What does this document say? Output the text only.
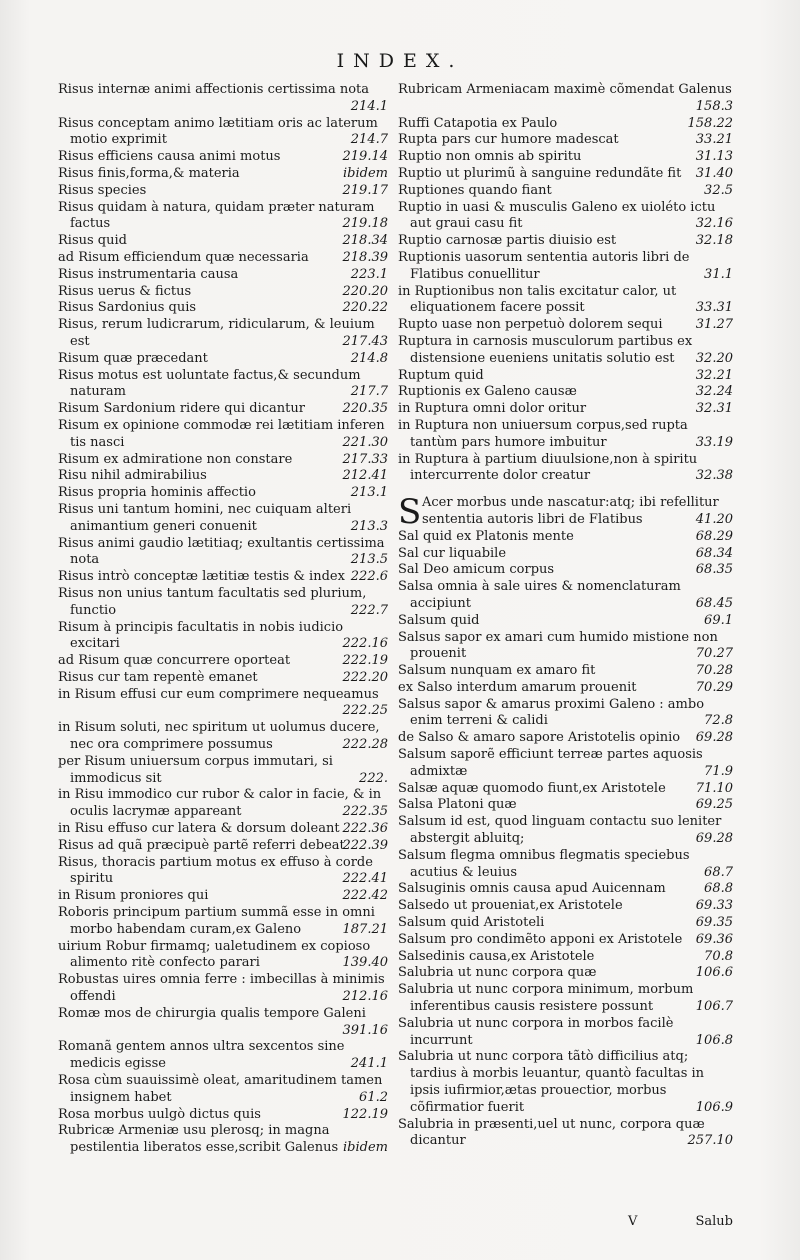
INDEX.
Risus internæ animi affectionis certissima nota
214.1
Risus conceptam animo lætitiam oris ac laterum motio exprimit	214.7
Risus efficiens causa animi motus	219.14
Risus finis,forma,& materia	ibidem
Risus species	219.17
Risus quidam à natura, quidam præter naturam factus	219.18
Risus quid	218.34
ad Risum efficiendum quæ necessaria	218.39
Risus instrumentaria causa	223.1
Risus uerus & fictus	220.20
Risus Sardonius quis	220.22
Risus, rerum ludicrarum, ridicularum, & leuium est	217.43
Risum quæ præcedant	214.8
Risus motus est uoluntate factus,& secundum naturam	217.7
Risum Sardonium ridere qui dicantur	220.35
Risum ex opinione commodæ rei lætitiam inferen tis nasci	221.30
Risum ex admiratione non constare	217.33
Risu nihil admirabilius	212.41
Risus propria hominis affectio	213.1
Risus uni tantum homini, nec cuiquam alteri animantium generi conuenit	213.3
Risus animi gaudio lætitiaq; exultantis certissima nota	213.5
Risus intrò conceptæ lætitiæ testis & index 222.6
Risus non unius tantum facultatis sed plurium, functio	222.7
Risum à principis facultatis in nobis iudicio excitari	222.16
ad Risum quæ concurrere oporteat	222.19
Risus cur tam repentè emanet	222.20
in Risum effusi cur eum comprimere nequeamus
222.25
in Risum soluti, nec spiritum ut uolumus ducere, nec ora comprimere possumus	222.28
per Risum uniuersum corpus immutari, si immodicus sit	222.
in Risu immodico cur rubor & calor in facie, & in oculis lacrymæ appareant	222.35
in Risu effuso cur latera & dorsum doleant 222.36
Risus ad quã præcipuè partẽ referri debeat
222.39
Risus, thoracis partium motus ex effuso à corde spiritu	222.41
in Risum proniores qui	222.42
Roboris principum partium summã esse in omni morbo habendam curam,ex Galeno	187.21
uirium Robur firmamq; ualetudinem ex copioso alimento ritè confecto parari	139.40
Robustas uires omnia ferre : imbecillas à minimis offendi	212.16
Romæ mos de chirurgia qualis tempore Galeni
391.16
Romanã gentem annos ultra sexcentos sine medicis egisse	241.1
Rosa cùm suauissimè oleat, amaritudinem tamen insignem habet	61.2
Rosa morbus uulgò dictus quis	122.19
Rubricæ Armeniæ usu plerosq; in magna pestilentia liberatos esse,scribit Galenus ibidem
Rubricam Armeniacam maximè cõmendat Galenus
158.3
Ruffi Catapotia ex Paulo	158.22
Rupta pars cur humore madescat	33.21
Ruptio non omnis ab spiritu	31.13
Ruptio ut plurimũ à sanguine redundãte fit 31.40
Ruptiones quando fiant	32.5
Ruptio in uasi & musculis Galeno ex uioléto ictu aut graui casu fit	32.16
Ruptio carnosæ partis diuisio est	32.18
Ruptionis uasorum sententia autoris libri de Flatibus conuellitur	31.1
in Ruptionibus non talis excitatur calor, ut eliquationem facere possit	33.31
Rupto uase non perpetuò dolorem sequi	31.27
Ruptura in carnosis musculorum partibus ex distensione eueniens unitatis solutio est 32.20
Ruptum quid	32.21
Ruptionis ex Galeno causæ	32.24
in Ruptura omni dolor oritur	32.31
in Ruptura non uniuersum corpus,sed rupta tantùm pars humore imbuitur	33.19
in Ruptura à partium diuulsione,non à spiritu intercurrente dolor creatur	32.38
S Acer morbus unde nascatur:atq; ibi refellitur sententia autoris libri de Flatibus	41.20
Sal quid ex Platonis mente	68.29
Sal cur liquabile	68.34
Sal Deo amicum corpus	68.35
Salsa omnia à sale uires & nomenclaturam accipiunt	68.45
Salsum quid	69.1
Salsus sapor ex amari cum humido mistione non prouenit	70.27
Salsum nunquam ex amaro fit	70.28
ex Salso interdum amarum prouenit	70.29
Salsus sapor & amarus proximi Galeno : ambo enim terreni & calidi	72.8
de Salso & amaro sapore Aristotelis opinio 69.28
Salsum saporẽ efficiunt terreæ partes aquosis admixtæ	71.9
Salsæ aquæ quomodo fiunt,ex Aristotele 71.10
Salsa Platoni quæ	69.25
Salsum id est, quod linguam contactu suo leniter abstergit abluitq;	69.28
Salsum flegma omnibus flegmatis speciebus acutius & leuius	68.7
Salsuginis omnis causa apud Auicennam	68.8
Salsedo ut proueniat,ex Aristotele	69.33
Salsum quid Aristoteli	69.35
Salsum pro condimẽto apponi ex Aristotele 69.36
Salsedinis causa,ex Aristotele	70.8
Salubria ut nunc corpora quæ	106.6
Salubria ut nunc corpora minimum, morbum inferentibus causis resistere possunt	106.7
Salubria ut nunc corpora in morbos facilè incurrunt	106.8
Salubria ut nunc corpora tãtò difficilius atq; tardius à morbis leuantur, quantò facultas in ipsis iufirmior,ætas prouectior, morbus cõfirmatior fuerit	106.9
Salubria in præsenti,uel ut nunc, corpora quæ dicantur	257.10
V	Salub
